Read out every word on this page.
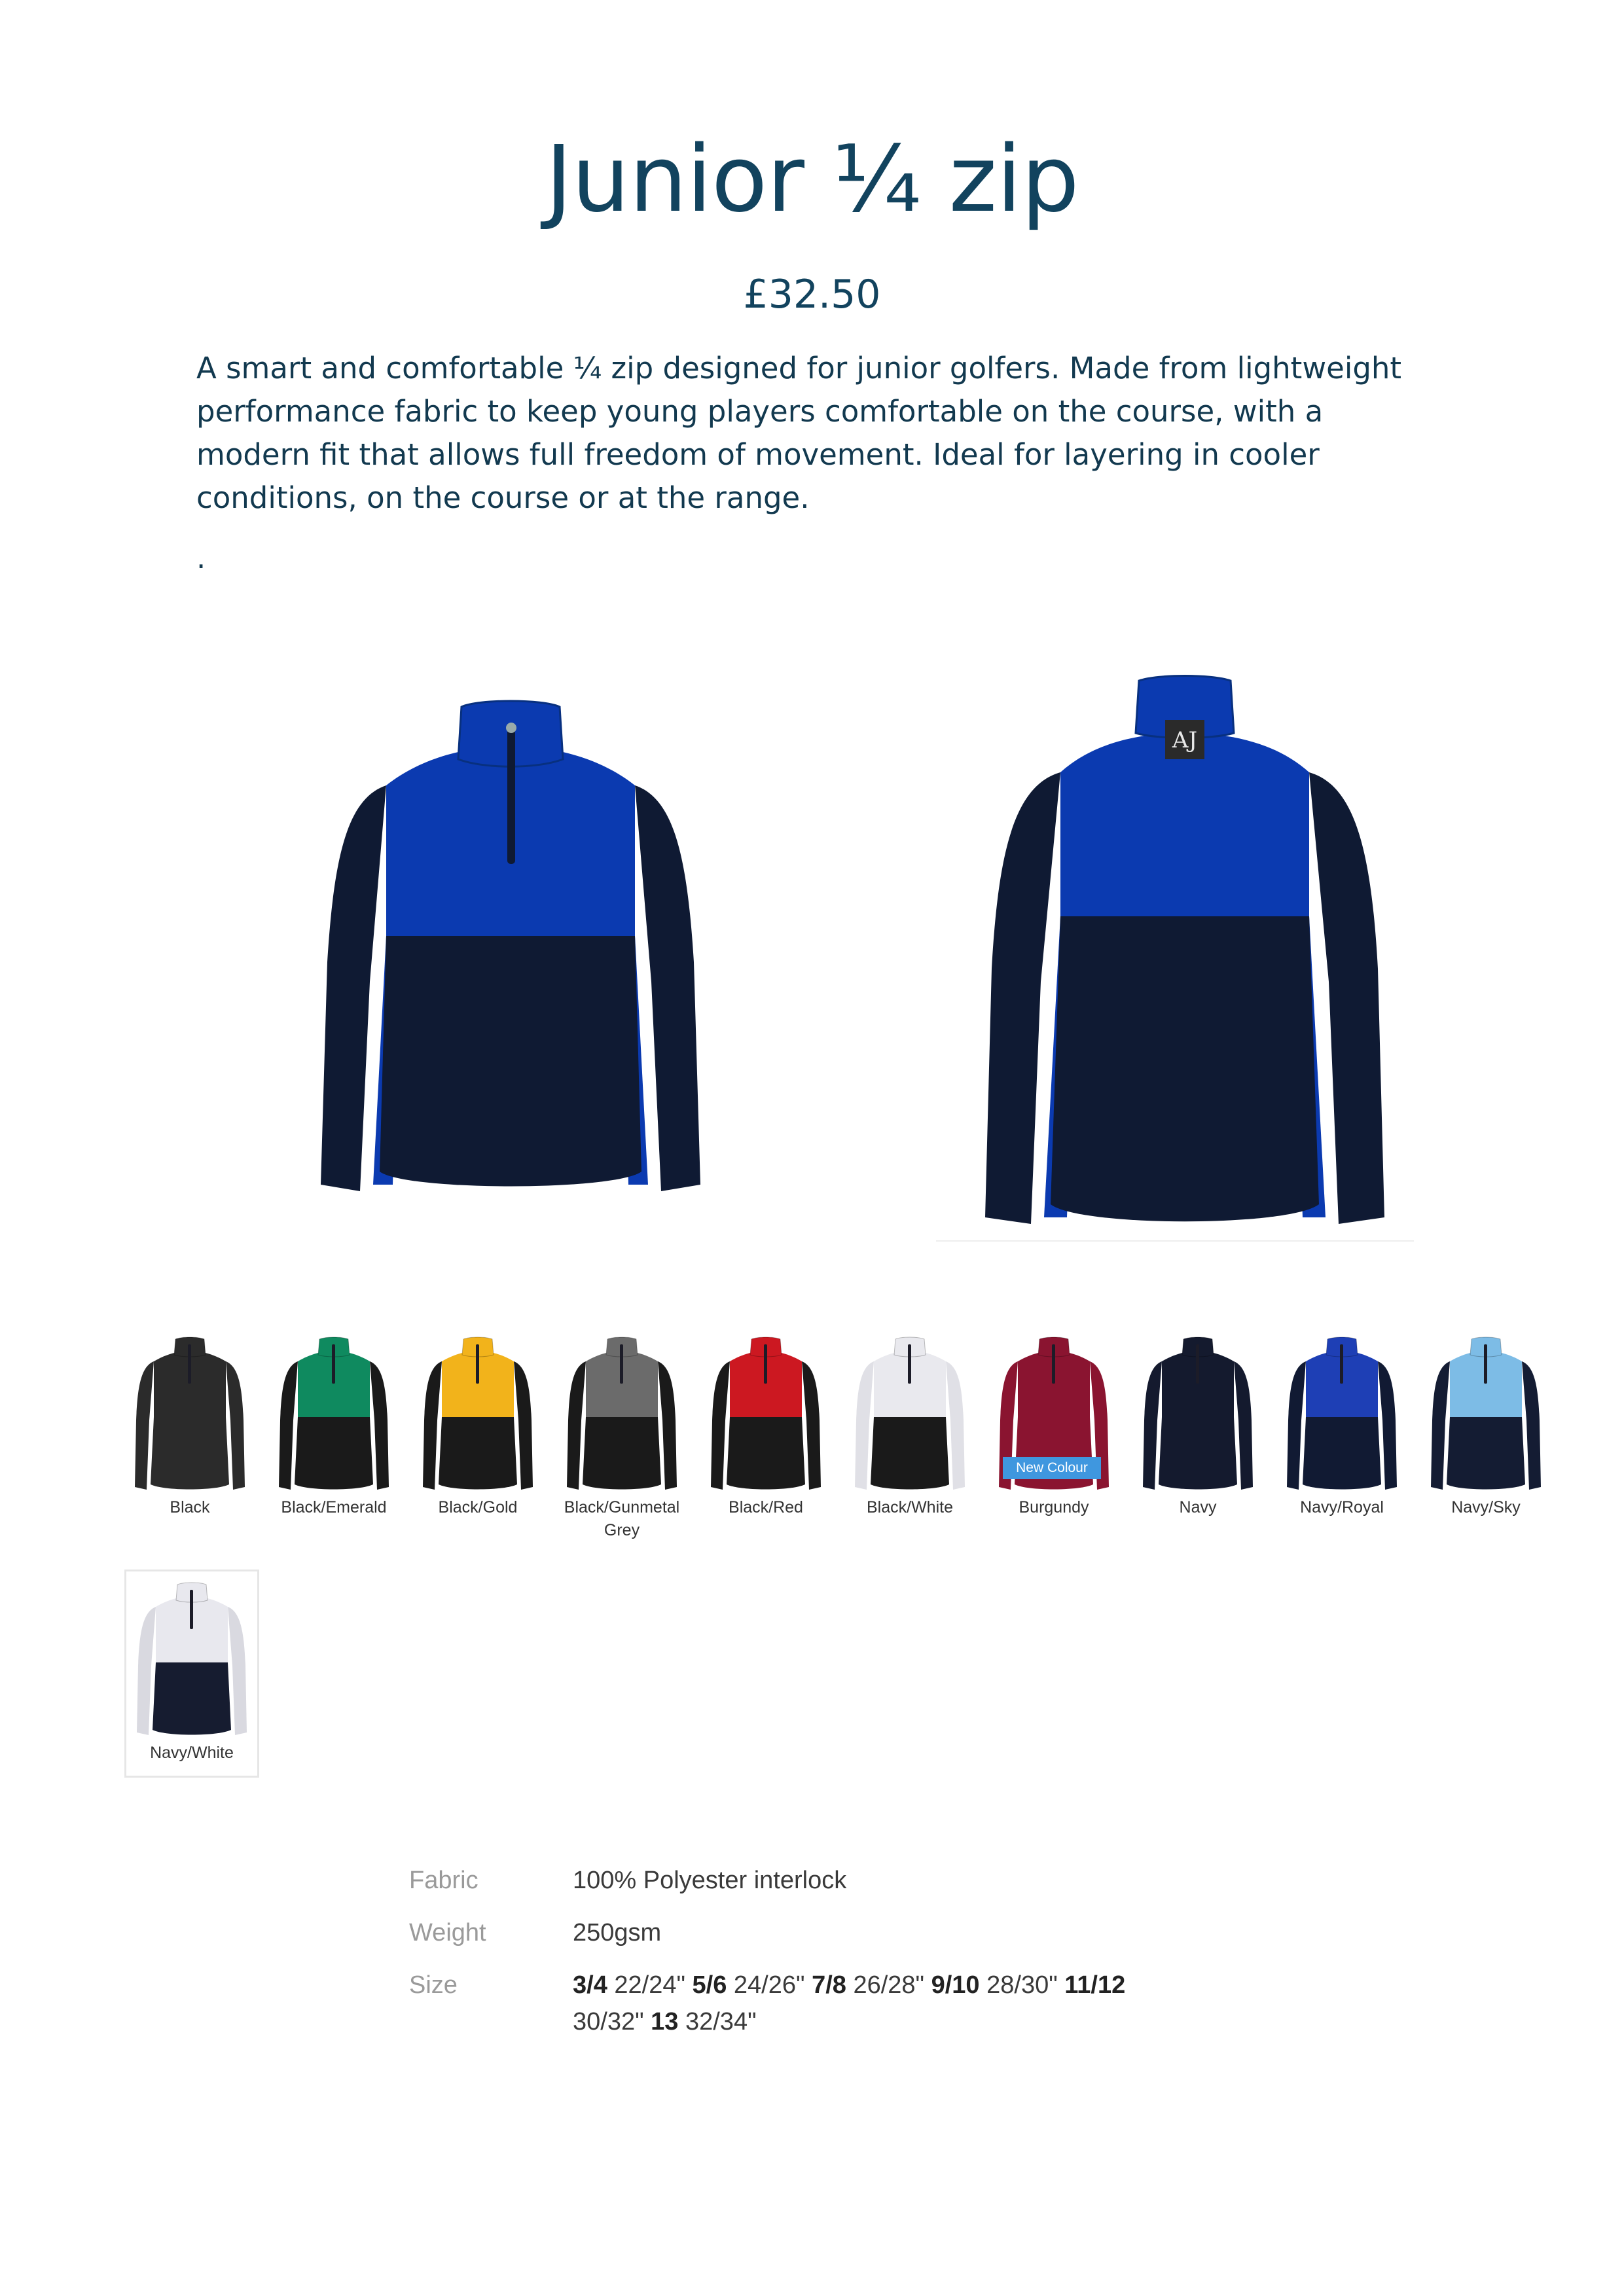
Junior ¼ zip
£32.50
A smart and comfortable ¼ zip designed for junior golfers. Made from lightweight performance fabric to keep young players comfortable on the course, with a modern fit that allows full freedom of movement. Ideal for layering in cooler conditions, on the course or at the range.
.
AJ
Black	Black/Emerald	Black/Gold	Black/Gunmetal Grey
Black/Red	Black/White
New Colour
Burgundy	Navy	Navy/Royal	Navy/Sky
Navy/White
Fabric	100% Polyester interlock
Weight	250gsm
Size	3/4 22/24" 5/6 24/26" 7/8 26/28" 9/10 28/30" 11/12 30/32" 13 32/34"
